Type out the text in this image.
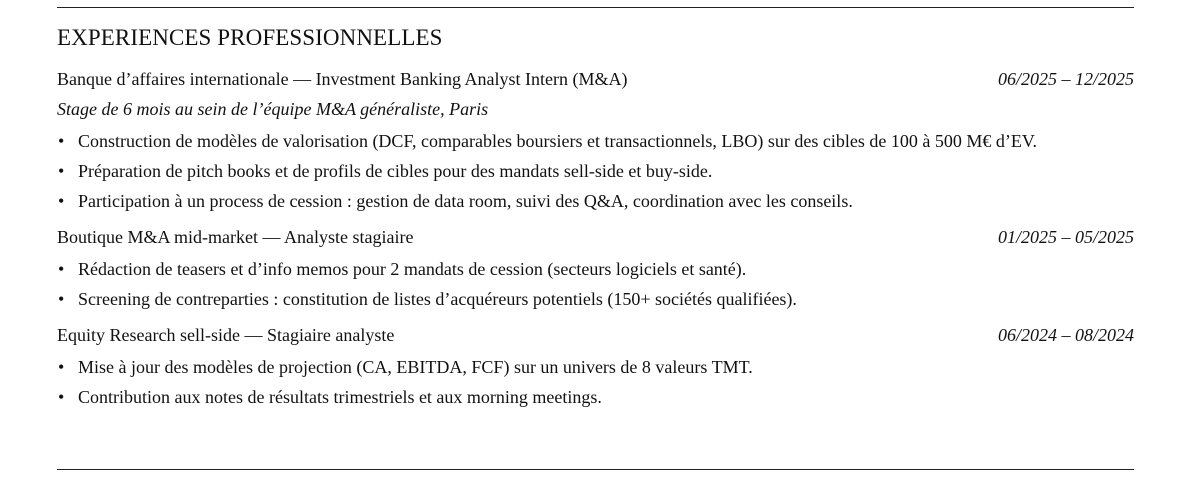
EXPERIENCES PROFESSIONNELLES
Banque d’affaires internationale — Investment Banking Analyst Intern (M&A)	06/2025 – 12/2025
Stage de 6 mois au sein de l’équipe M&A généraliste, Paris
• Construction de modèles de valorisation (DCF, comparables boursiers et transactionnels, LBO) sur des cibles de 100 à 500 M€ d’EV.
• Préparation de pitch books et de profils de cibles pour des mandats sell-side et buy-side.
• Participation à un process de cession : gestion de data room, suivi des Q&A, coordination avec les conseils.
Boutique M&A mid-market — Analyste stagiaire	01/2025 – 05/2025
• Rédaction de teasers et d’info memos pour 2 mandats de cession (secteurs logiciels et santé).
• Screening de contreparties : constitution de listes d’acquéreurs potentiels (150+ sociétés qualifiées).
Equity Research sell-side — Stagiaire analyste	06/2024 – 08/2024
• Mise à jour des modèles de projection (CA, EBITDA, FCF) sur un univers de 8 valeurs TMT.
• Contribution aux notes de résultats trimestriels et aux morning meetings.
